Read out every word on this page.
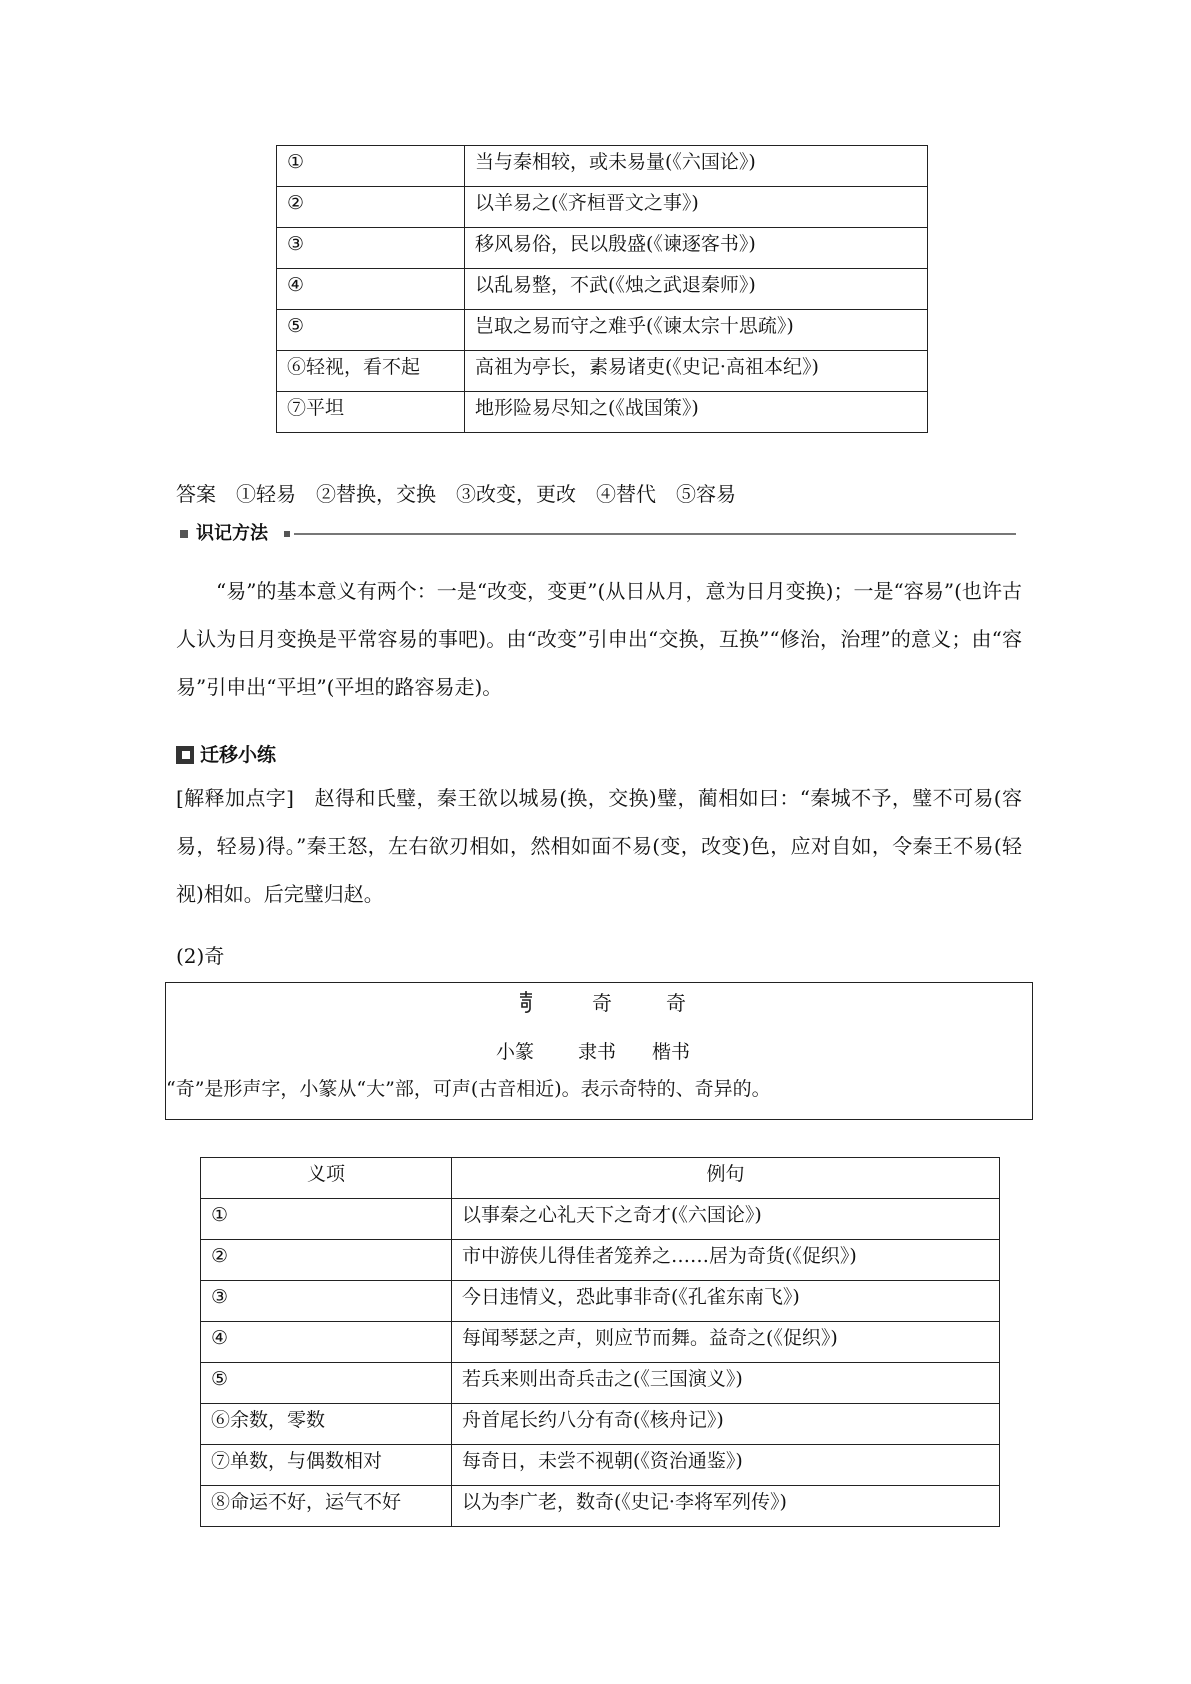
①	当与秦相较，或未易量(《六国论》)
②	以羊易之(《齐桓晋文之事》)
③	移风易俗，民以殷盛(《谏逐客书》)
④	以乱易整，不武(《烛之武退秦师》)
⑤	岂取之易而守之难乎(《谏太宗十思疏》)
⑥轻视，看不起	高祖为亭长，素易诸吏(《史记·高祖本纪》)
⑦平坦	地形险易尽知之(《战国策》)
答案 ①轻易 ②替换，交换 ③改变，更改 ④替代 ⑤容易
识记方法
“易”的基本意义有两个：一是“改变，变更”(从日从月，意为日月变换)；一是“容易”(也许古人认为日月变换是平常容易的事吧)。由“改变”引申出“交换，互换”“修治，治理”的意义；由“容易”引申出“平坦”(平坦的路容易走)。
迁移小练
[解释加点字]　赵得和氏璧，秦王欲以城易(换，交换)璧，蔺相如曰：“秦城不予，璧不可易(容易，轻易)得。”秦王怒，左右欲刃相如，然相如面不易(变，改变)色，应对自如，令秦王不易(轻视)相如。后完璧归赵。
(2)奇
奇	奇
小篆 隶书 楷书
“奇”是形声字，小篆从“大”部，可声(古音相近)。表示奇特的、奇异的。
义项	例句
①	以事秦之心礼天下之奇才(《六国论》)
②	市中游侠儿得佳者笼养之……居为奇货(《促织》)
③	今日违情义，恐此事非奇(《孔雀东南飞》)
④	每闻琴瑟之声，则应节而舞。益奇之(《促织》)
⑤	若兵来则出奇兵击之(《三国演义》)
⑥余数，零数	舟首尾长约八分有奇(《核舟记》)
⑦单数，与偶数相对	每奇日，未尝不视朝(《资治通鉴》)
⑧命运不好，运气不好	以为李广老，数奇(《史记·李将军列传》)
